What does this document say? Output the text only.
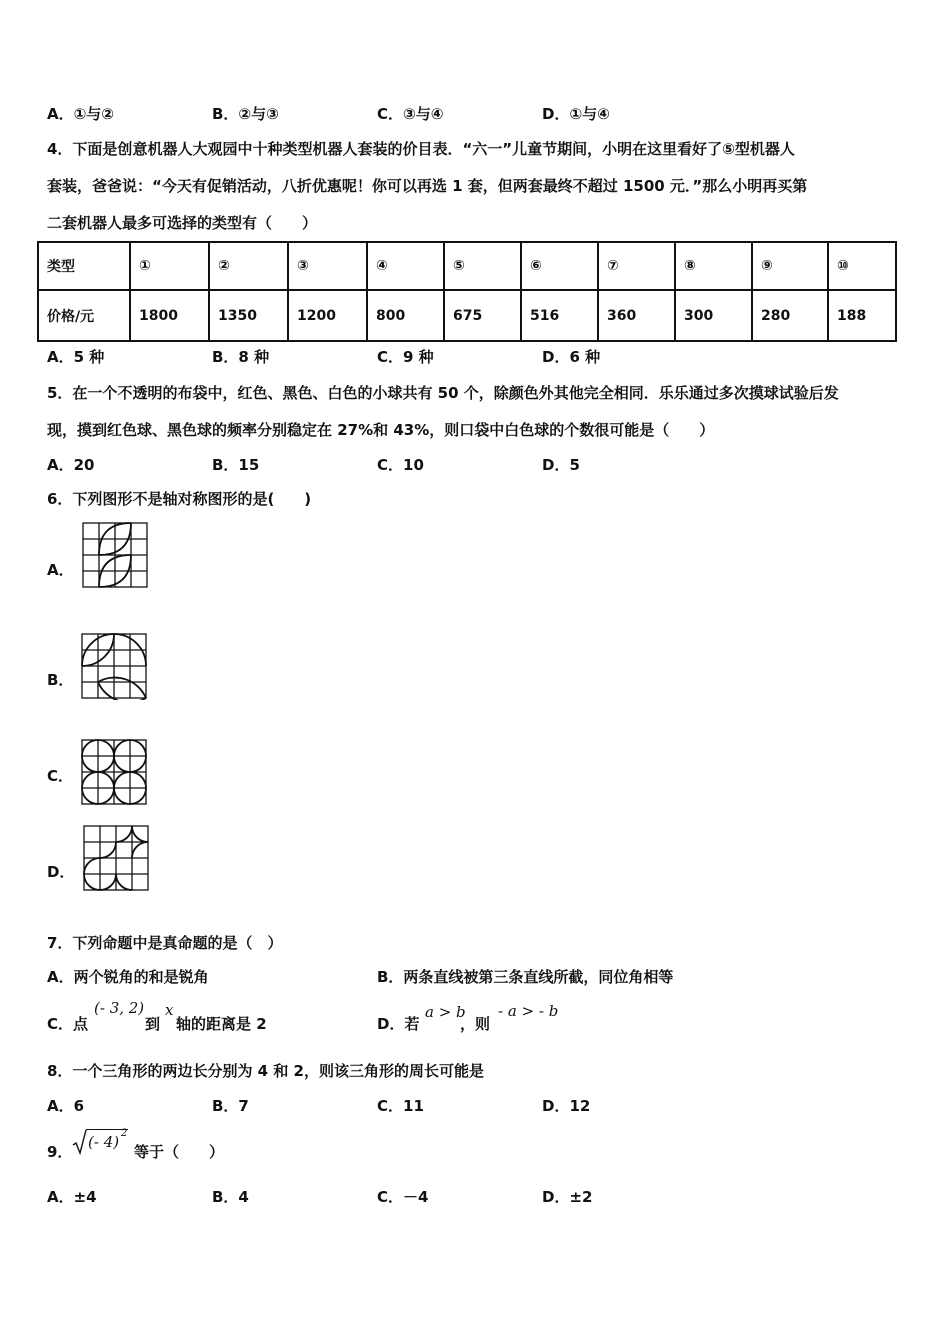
A．①与②	B．②与③	C．③与④	D．①与④
4．下面是创意机器人大观园中十种类型机器人套装的价目表．“六一”儿童节期间，小明在这里看好了⑤型机器人
套装，爸爸说：“今天有促销活动，八折优惠呢！你可以再选 1 套，但两套最终不超过 1500 元．”那么小明再买第
二套机器人最多可选择的类型有（　　）
类型	①	②	③	④	⑤	⑥	⑦	⑧	⑨	⑩
价格/元	1800	1350	1200	800	675	516	360	300	280	188
A．5 种	B．8 种	C．9 种	D．6 种
5．在一个不透明的布袋中，红色、黑色、白色的小球共有 50 个，除颜色外其他完全相同．乐乐通过多次摸球试验后发
现，摸到红色球、黑色球的频率分别稳定在 27%和 43%，则口袋中白色球的个数很可能是（　　）
A．20	B．15	C．10	D．5
6．下列图形不是轴对称图形的是(　　)
A．
B．
C．
D．
7．下列命题中是真命题的是（　）
A．两个锐角的和是锐角	B．两条直线被第三条直线所截，同位角相等
C．点
(- 3, 2)
到
x
轴的距离是 2	D．若
a > b
，则
- a > - b
8．一个三角形的两边长分别为 4 和 2，则该三角形的周长可能是
A．6	B．7	C．11	D．12
9．
(- 4) 2
等于（　　）
A．±4	B．4	C．－4	D．±2
